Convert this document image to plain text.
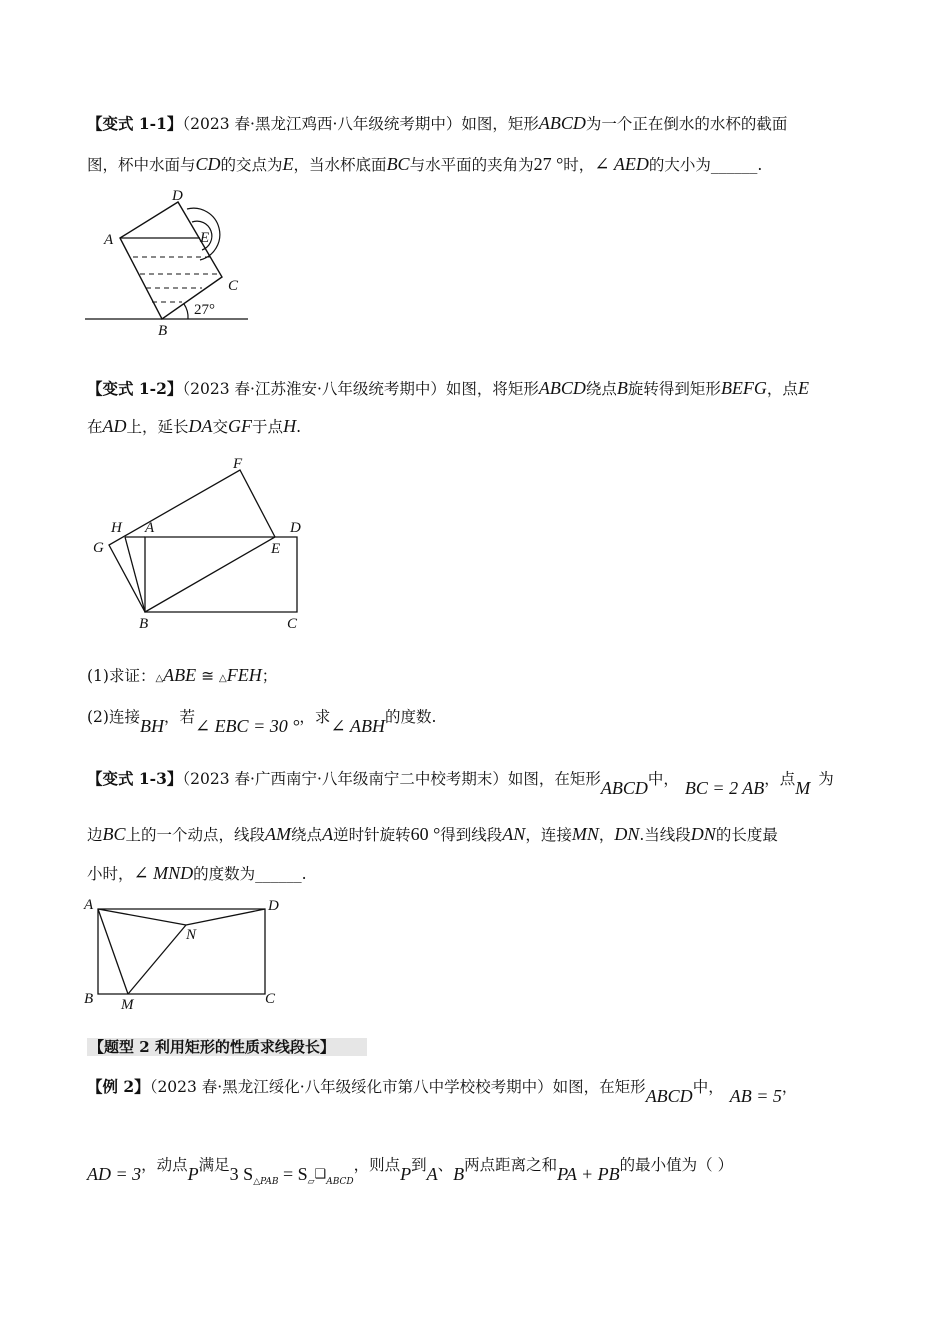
【变式 1-1】（2023 春·黑龙江鸡西·八年级统考期中）如图，矩形ABCD为一个正在倒水的水杯的截面
图，杯中水面与CD的交点为E，当水杯底面BC与水平面的夹角为27 °时，∠ AED的大小为______.
A
D
E
C
B
27°
【变式 1-2】（2023 春·江苏淮安·八年级统考期中）如图，将矩形ABCD绕点B旋转得到矩形BEFG，点E
在AD上，延长DA交GF于点H.
F
H A	D
G	E
B	C
(1)求证：△ABE ≅ △FEH；
(2)连接BH，若∠ EBC = 30 °，求∠ ABH的度数.
【变式 1-3】（2023 春·广西南宁·八年级南宁二中校考期末）如图，在矩形ABCD中， BC = 2 AB，点M 为
边BC上的一个动点，线段AM绕点A逆时针旋转60 °得到线段AN，连接MN，DN.当线段DN的长度最
小时，∠ MND的度数为______.
A	D
N
B M	C
【题型 2 利用矩形的性质求线段长】
【例 2】（2023 春·黑龙江绥化·八年级绥化市第八中学校校考期中）如图，在矩形ABCD中， AB = 5，
AD = 3，动点P满足3 $S_{\triangle PAB} = S_{▱❑ABCD}$，则点P到A、B两点距离之和PA + PB的最小值为（ ）
